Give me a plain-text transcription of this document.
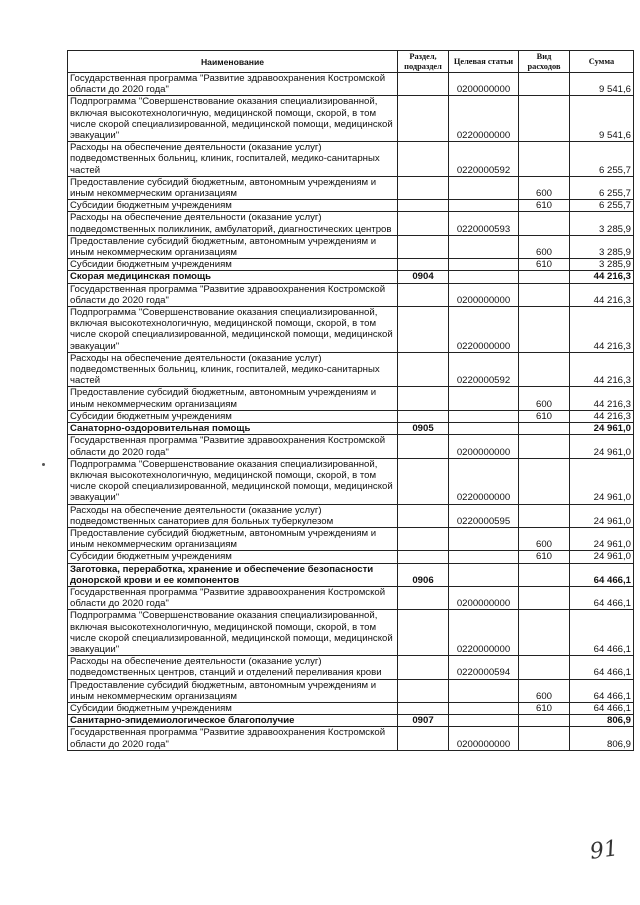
Наименование	Раздел, подраздел	Целевая статьи	Вид расходов	Сумма
Государственная программа "Развитие здравоохранения Костромской области до 2020 года"		0200000000		9 541,6
Подпрограмма "Совершенствование оказания специализированной, включая высокотехнологичную, медицинской помощи, скорой, в том числе скорой специализированной, медицинской помощи, медицинской эвакуации"		0220000000		9 541,6
Расходы на обеспечение деятельности (оказание услуг) подведомственных больниц, клиник, госпиталей, медико-санитарных частей		0220000592		6 255,7
Предоставление субсидий бюджетным, автономным учреждениям и иным некоммерческим организациям			600	6 255,7
Субсидии бюджетным учреждениям			610	6 255,7
Расходы на обеспечение деятельности (оказание услуг) подведомственных поликлиник, амбулаторий, диагностических центров		0220000593		3 285,9
Предоставление субсидий бюджетным, автономным учреждениям и иным некоммерческим организациям			600	3 285,9
Субсидии бюджетным учреждениям			610	3 285,9
Скорая медицинская помощь	0904			44 216,3
Государственная программа "Развитие здравоохранения Костромской области до 2020 года"		0200000000		44 216,3
Подпрограмма "Совершенствование оказания специализированной, включая высокотехнологичную, медицинской помощи, скорой, в том числе скорой специализированной, медицинской помощи, медицинской эвакуации"		0220000000		44 216,3
Расходы на обеспечение деятельности (оказание услуг) подведомственных больниц, клиник, госпиталей, медико-санитарных частей		0220000592		44 216,3
Предоставление субсидий бюджетным, автономным учреждениям и иным некоммерческим организациям			600	44 216,3
Субсидии бюджетным учреждениям			610	44 216,3
Санаторно-оздоровительная помощь	0905			24 961,0
Государственная программа "Развитие здравоохранения Костромской области до 2020 года"		0200000000		24 961,0
Подпрограмма "Совершенствование оказания специализированной, включая высокотехнологичную, медицинской помощи, скорой, в том числе скорой специализированной, медицинской помощи, медицинской эвакуации"		0220000000		24 961,0
Расходы на обеспечение деятельности (оказание услуг) подведомственных санаториев для больных туберкулезом		0220000595		24 961,0
Предоставление субсидий бюджетным, автономным учреждениям и иным некоммерческим организациям			600	24 961,0
Субсидии бюджетным учреждениям			610	24 961,0
Заготовка, переработка, хранение и обеспечение безопасности донорской крови и ее компонентов	0906			64 466,1
Государственная программа "Развитие здравоохранения Костромской области до 2020 года"		0200000000		64 466,1
Подпрограмма "Совершенствование оказания специализированной, включая высокотехнологичную, медицинской помощи, скорой, в том числе скорой специализированной, медицинской помощи, медицинской эвакуации"		0220000000		64 466,1
Расходы на обеспечение деятельности (оказание услуг) подведомственных центров, станций и отделений переливания крови		0220000594		64 466,1
Предоставление субсидий бюджетным, автономным учреждениям и иным некоммерческим организациям			600	64 466,1
Субсидии бюджетным учреждениям			610	64 466,1
Санитарно-эпидемиологическое благополучие	0907			806,9
Государственная программа "Развитие здравоохранения Костромской области до 2020 года"		0200000000		806,9
91
